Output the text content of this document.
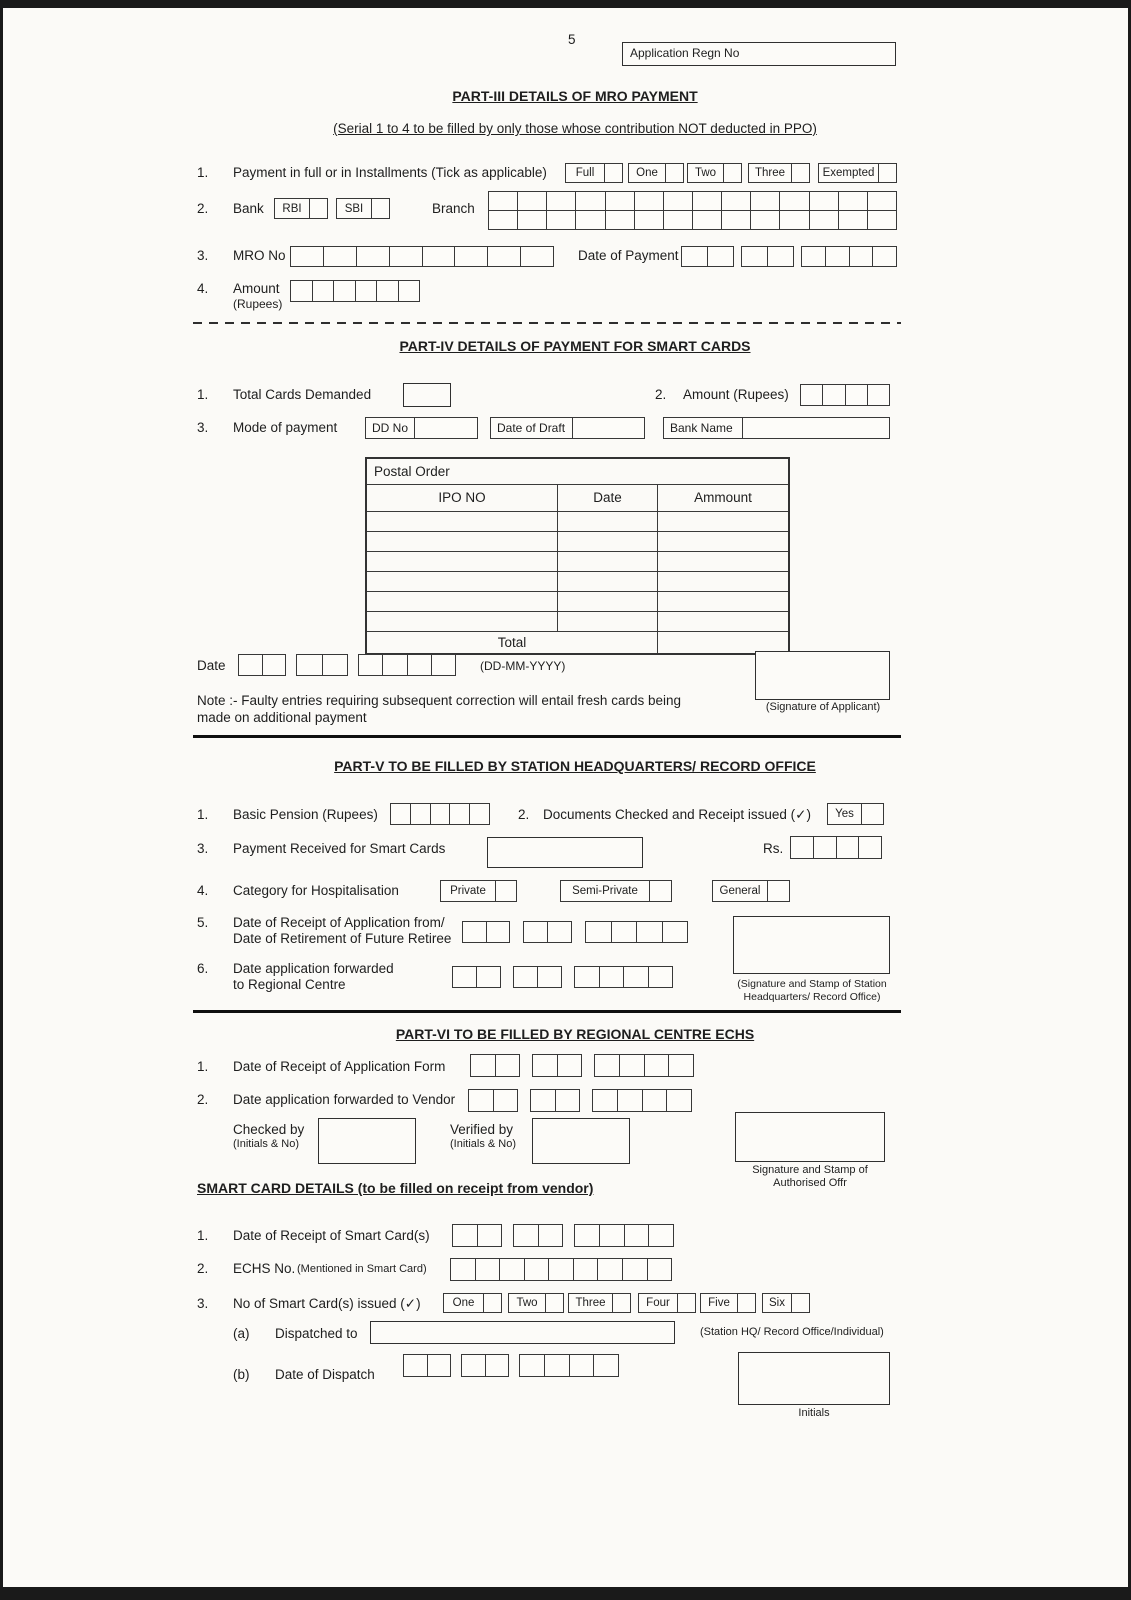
5
Application Regn No
PART-III DETAILS OF MRO PAYMENT
(Serial 1 to 4 to be filled by only those whose contribution NOT deducted in PPO)
1. Payment in full or in Installments (Tick as applicable)	Full	One	Two	Three	Exempted
2. Bank	RBI	SBI	Branch
3. MRO No	Date of Payment
4. Amount
(Rupees)
PART-IV DETAILS OF PAYMENT FOR SMART CARDS
1. Total Cards Demanded	2. Amount (Rupees)
3. Mode of payment	DD No	Date of Draft	Bank Name
Postal Order
IPO NO	Date	Ammount
Total
Date	(DD-MM-YYYY)
(Signature of Applicant)
Note :- Faulty entries requiring subsequent correction will entail fresh cards being
made on additional payment
PART-V TO BE FILLED BY STATION HEADQUARTERS/ RECORD OFFICE
1. Basic Pension (Rupees)	2. Documents Checked and Receipt issued (✓)	Yes
3. Payment Received for Smart Cards	Rs.
4. Category for Hospitalisation	Private	Semi-Private	General
5. Date of Receipt of Application from/
Date of Retirement of Future Retiree
(Signature and Stamp of Station
Headquarters/ Record Office)
6. Date application forwarded
to Regional Centre
PART-VI TO BE FILLED BY REGIONAL CENTRE ECHS
1. Date of Receipt of Application Form
2. Date application forwarded to Vendor
Checked by
(Initials & No)
Verified by
(Initials & No)
Signature and Stamp of
Authorised Offr
SMART CARD DETAILS (to be filled on receipt from vendor)
1. Date of Receipt of Smart Card(s)
2. ECHS No. (Mentioned in Smart Card)
3. No of Smart Card(s) issued (✓)	One	Two	Three	Four	Five	Six
(a) Dispatched to	(Station HQ/ Record Office/Individual)
(b) Date of Dispatch
Initials
